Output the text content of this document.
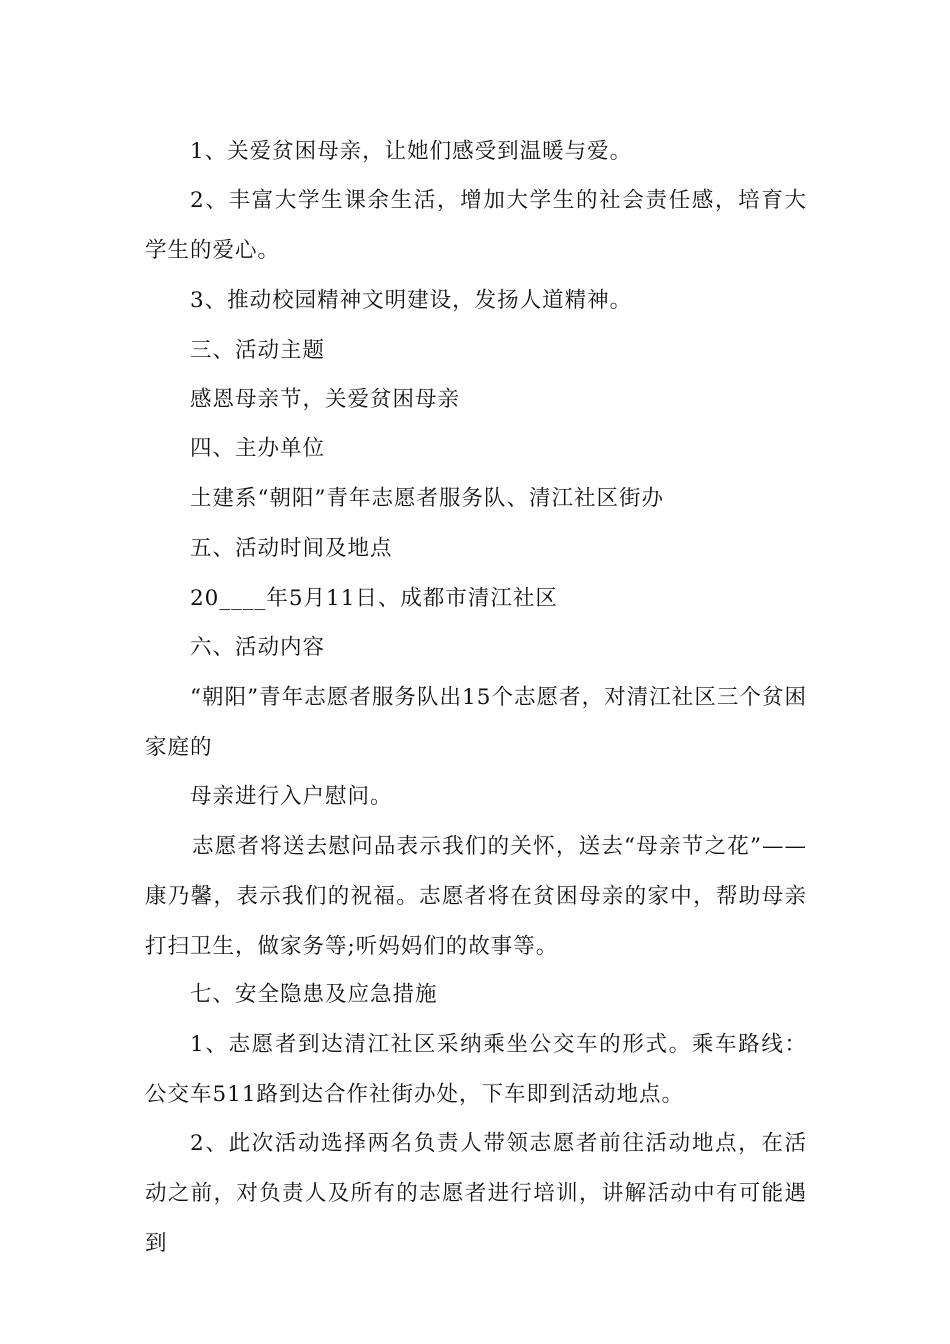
1、关爱贫困母亲，让她们感受到温暖与爱。

2、丰富大学生课余生活，增加大学生的社会责任感，培育大学生的爱心。

3、推动校园精神文明建设，发扬人道精神。

三、活动主题

感恩母亲节，关爱贫困母亲

四、主办单位

土建系“朝阳”青年志愿者服务队、清江社区街办

五、活动时间及地点

20____年5月11日、成都市清江社区

六、活动内容

“朝阳”青年志愿者服务队出15个志愿者，对清江社区三个贫困家庭的

母亲进行入户慰问。

志愿者将送去慰问品表示我们的关怀，送去“母亲节之花”——康乃馨，表示我们的祝福。志愿者将在贫困母亲的家中，帮助母亲打扫卫生，做家务等;听妈妈们的故事等。

七、安全隐患及应急措施

1、志愿者到达清江社区采纳乘坐公交车的形式。乘车路线：公交车511路到达合作社街办处，下车即到活动地点。

2、此次活动选择两名负责人带领志愿者前往活动地点，在活动之前，对负责人及所有的志愿者进行培训，讲解活动中有可能遇到
